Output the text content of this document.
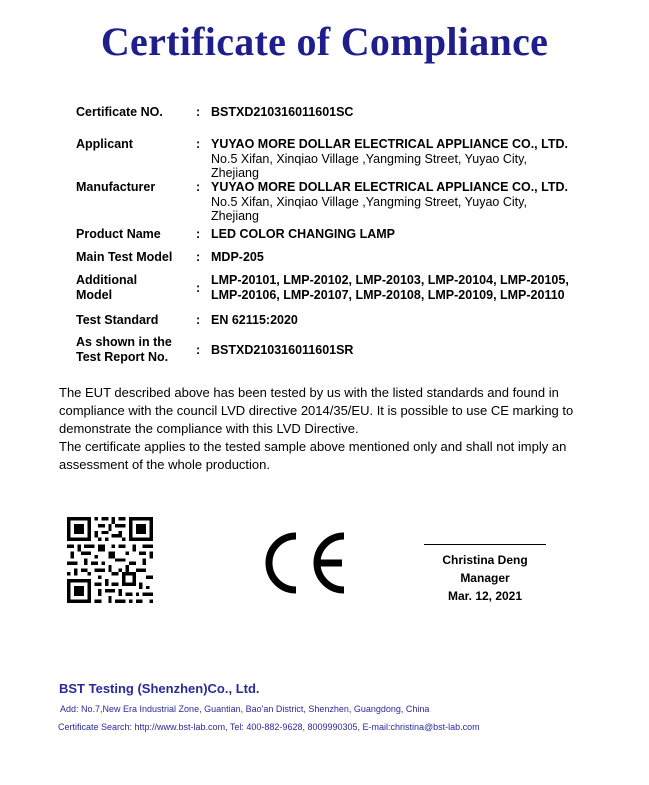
Certificate of Compliance
Certificate NO.	: BSTXD210316011601SC
Applicant	: YUYAO MORE DOLLAR ELECTRICAL APPLIANCE CO., LTD.
No.5 Xifan, Xinqiao Village ,Yangming Street, Yuyao City,
Zhejiang
Manufacturer	: YUYAO MORE DOLLAR ELECTRICAL APPLIANCE CO., LTD.
No.5 Xifan, Xinqiao Village ,Yangming Street, Yuyao City,
Zhejiang
Product Name	: LED COLOR CHANGING LAMP
Main Test Model	: MDP-205
Additional
Model	:
LMP-20101, LMP-20102, LMP-20103, LMP-20104, LMP-20105,
LMP-20106, LMP-20107, LMP-20108, LMP-20109, LMP-20110
Test Standard	: EN 62115:2020
As shown in the
Test Report No.	: BSTXD210316011601SR

The EUT described above has been tested by us with the listed standards and found in compliance with the council LVD directive 2014/35/EU. It is possible to use CE marking to demonstrate the compliance with this LVD Directive.

The certificate applies to the tested sample above mentioned only and shall not imply an assessment of the whole production.

Christina Deng
Manager
Mar. 12, 2021
BST Testing (Shenzhen)Co., Ltd.
Add: No.7,New Era Industrial Zone, Guantian, Bao'an District, Shenzhen, Guangdong, China
Certificate Search: http://www.bst-lab.com, Tel: 400-882-9628, 8009990305, E-mail:christina@bst-lab.com
